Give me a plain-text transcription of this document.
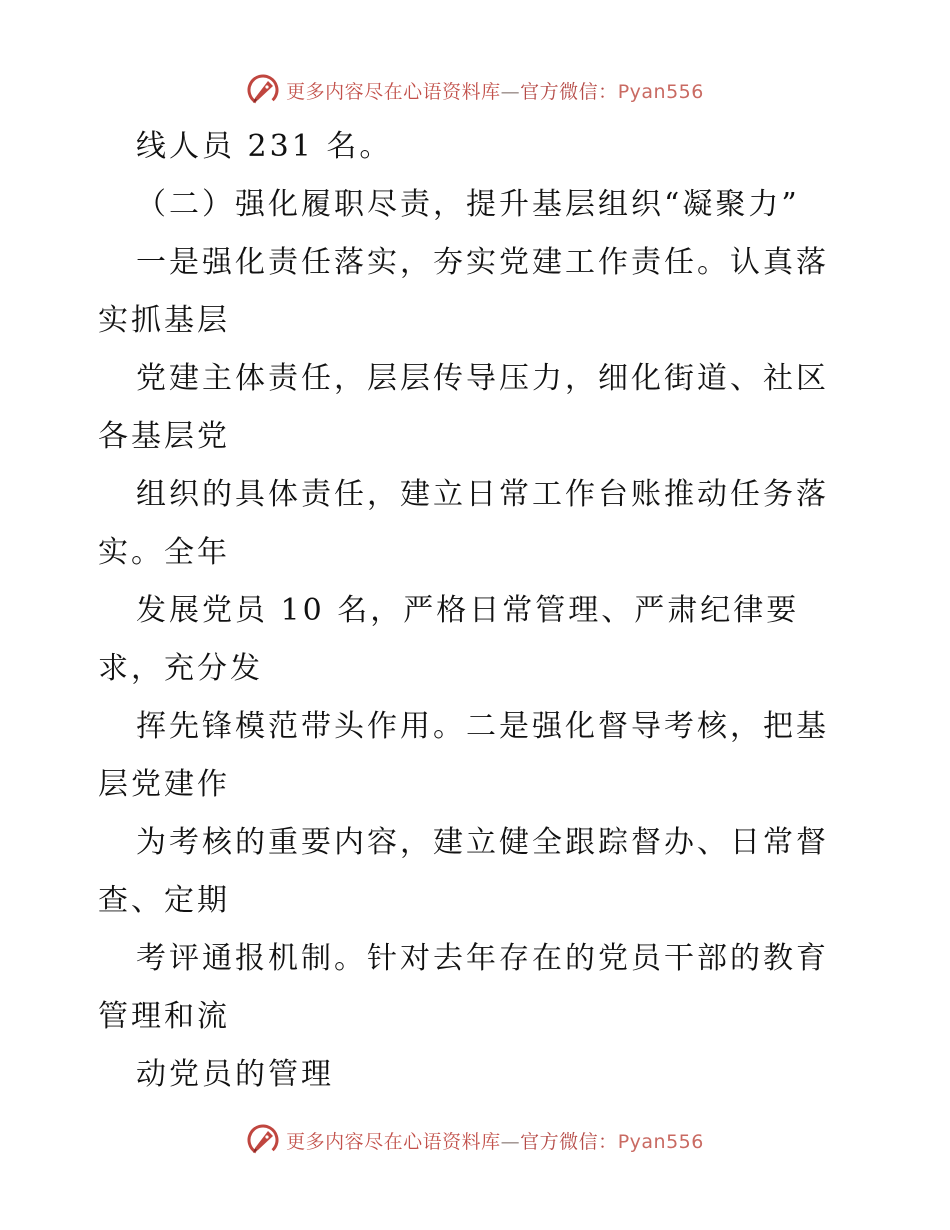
更多内容尽在心语资料库—官方微信：Pyan556
线人员 231 名。
（二）强化履职尽责，提升基层组织“凝聚力”
一是强化责任落实，夯实党建工作责任。认真落
实抓基层
党建主体责任，层层传导压力，细化街道、社区
各基层党
组织的具体责任，建立日常工作台账推动任务落
实。全年
发展党员 10 名，严格日常管理、严肃纪律要
求，充分发
挥先锋模范带头作用。二是强化督导考核，把基
层党建作
为考核的重要内容，建立健全跟踪督办、日常督
查、定期
考评通报机制。针对去年存在的党员干部的教育
管理和流
动党员的管理
更多内容尽在心语资料库—官方微信：Pyan556
